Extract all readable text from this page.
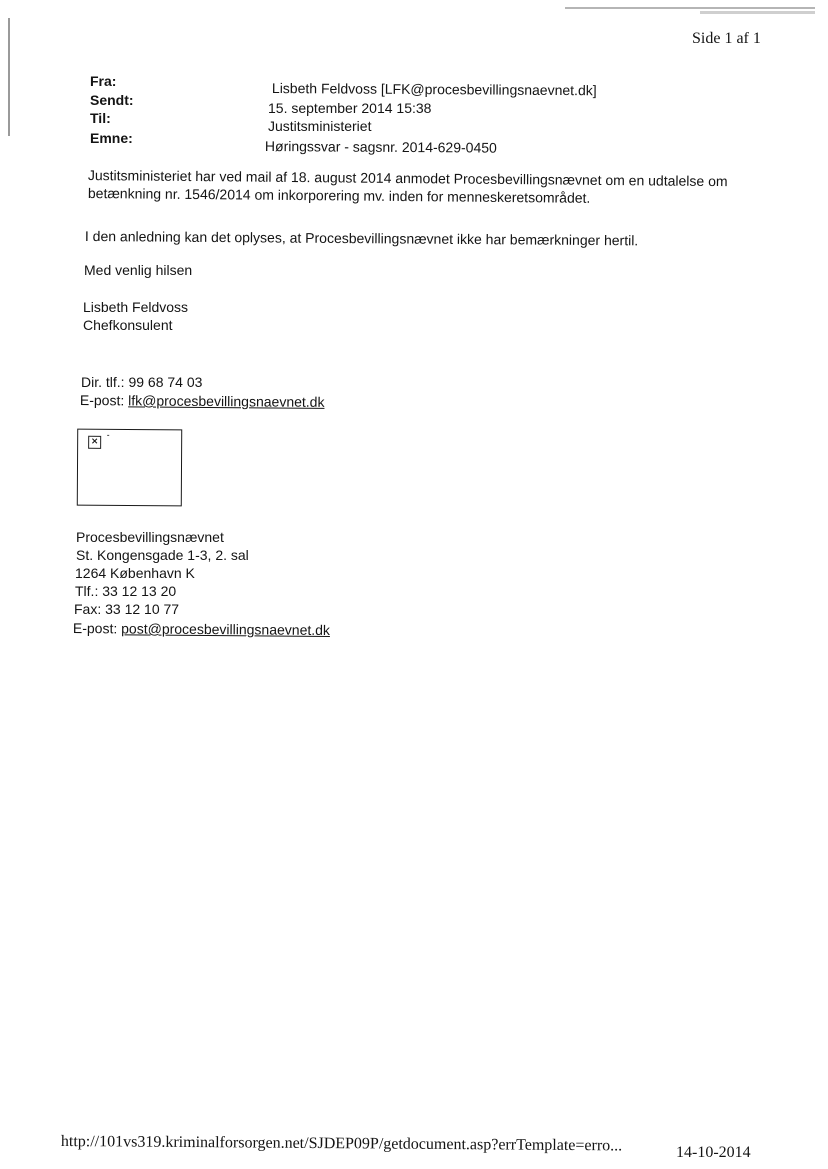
Side 1 af 1
Fra:	Lisbeth Feldvoss [LFK@procesbevillingsnaevnet.dk]
Sendt:	15. september 2014 15:38
Til:	Justitsministeriet
Emne:	Høringssvar - sagsnr. 2014-629-0450
Justitsministeriet har ved mail af 18. august 2014 anmodet Procesbevillingsnævnet om en udtalelse om
betænkning nr. 1546/2014 om inkorporering mv. inden for menneskeretsområdet.
I den anledning kan det oplyses, at Procesbevillingsnævnet ikke har bemærkninger hertil.
Med venlig hilsen
Lisbeth Feldvoss
Chefkonsulent
Dir. tlf.: 99 68 74 03
E-post: lfk@procesbevillingsnaevnet.dk
×
Procesbevillingsnævnet
St. Kongensgade 1-3, 2. sal
1264 København K
Tlf.: 33 12 13 20
Fax: 33 12 10 77
E-post: post@procesbevillingsnaevnet.dk
http://101vs319.kriminalforsorgen.net/SJDEP09P/getdocument.asp?errTemplate=erro...	14-10-2014
